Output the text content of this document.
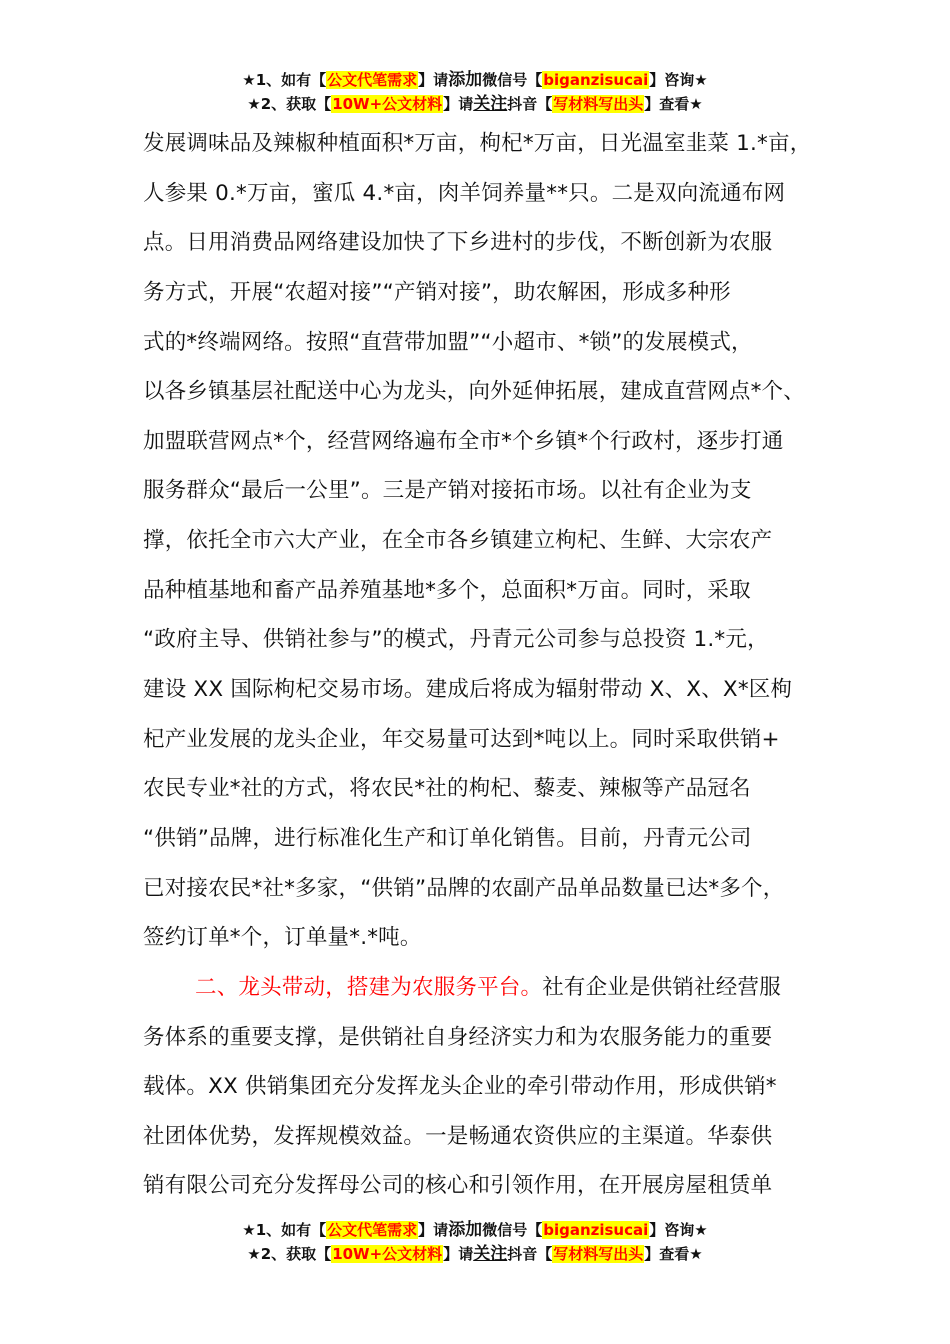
★1、如有【公文代笔需求】请添加微信号【biganzisucai】咨询★
★2、获取【10W+公文材料】请关注抖音【写材料写出头】查看★
发展调味品及辣椒种植面积*万亩，枸杞*万亩，日光温室韭菜 1.*亩，
人参果 0.*万亩，蜜瓜 4.*亩，肉羊饲养量**只。二是双向流通布网
点。日用消费品网络建设加快了下乡进村的步伐，不断创新为农服
务方式，开展“农超对接”“产销对接”，助农解困，形成多种形
式的*终端网络。按照“直营带加盟”“小超市、*锁”的发展模式，
以各乡镇基层社配送中心为龙头，向外延伸拓展，建成直营网点*个、
加盟联营网点*个，经营网络遍布全市*个乡镇*个行政村，逐步打通
服务群众“最后一公里”。三是产销对接拓市场。以社有企业为支
撑，依托全市六大产业，在全市各乡镇建立枸杞、生鲜、大宗农产
品种植基地和畜产品养殖基地*多个，总面积*万亩。同时，采取
“政府主导、供销社参与”的模式，丹青元公司参与总投资 1.*元，
建设 XX 国际枸杞交易市场。建成后将成为辐射带动 X、X、X*区枸
杞产业发展的龙头企业，年交易量可达到*吨以上。同时采取供销+
农民专业*社的方式，将农民*社的枸杞、藜麦、辣椒等产品冠名
“供销”品牌，进行标准化生产和订单化销售。目前，丹青元公司
已对接农民*社*多家，“供销”品牌的农副产品单品数量已达*多个，
签约订单*个，订单量*.*吨。
二、龙头带动，搭建为农服务平台。社有企业是供销社经营服
务体系的重要支撑，是供销社自身经济实力和为农服务能力的重要
载体。XX 供销集团充分发挥龙头企业的牵引带动作用，形成供销*
社团体优势，发挥规模效益。一是畅通农资供应的主渠道。华泰供
销有限公司充分发挥母公司的核心和引领作用，在开展房屋租赁单
★1、如有【公文代笔需求】请添加微信号【biganzisucai】咨询★
★2、获取【10W+公文材料】请关注抖音【写材料写出头】查看★
